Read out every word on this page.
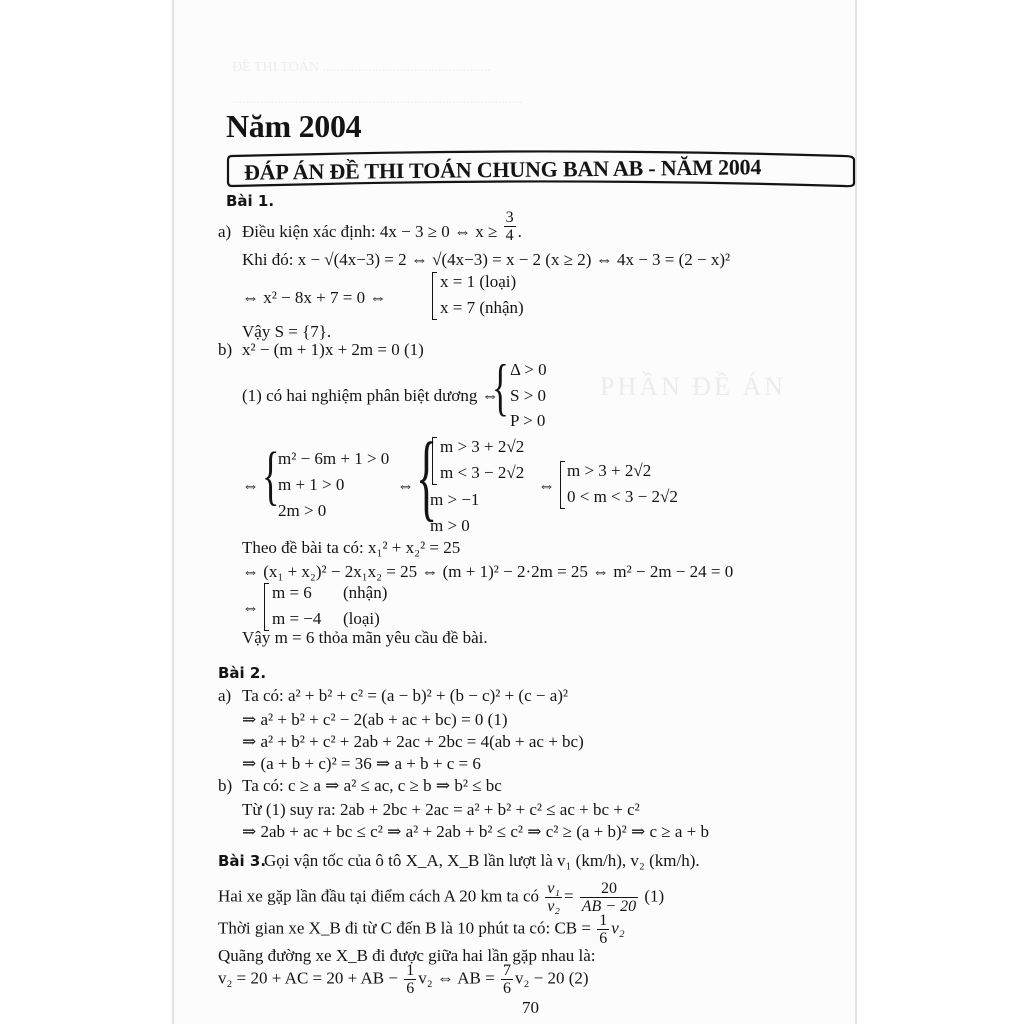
ĐỀ THI TOÁN ................................................
...................................................................................
PHẦN ĐỀ ÁN
Năm 2004
ĐÁP ÁN ĐỀ THI TOÁN CHUNG BAN AB - NĂM 2004
Bài 1.
a) Điều kiện xác định: 4x − 3 ≥ 0 ⇔ $x \ge \frac{3}{4}$ .
Khi đó: x − √(4x−3) = 2 ⇔ √(4x−3) = x − 2 (x ≥ 2) ⇔ 4x − 3 = (2 − x)²
⇔ x² − 8x + 7 = 0 ⇔
x = 1 (loại)
x = 7 (nhận)
Vậy S = {7}.
b) x² − (m + 1)x + 2m = 0 (1)
(1) có hai nghiệm phân biệt dương ⇔
{ Δ > 0
S > 0
P > 0
⇔ {
m² − 6m + 1 > 0
m + 1 > 0
2m > 0
⇔ { m > 3 + 2√2
m < 3 − 2√2
m > −1
m > 0
⇔
m > 3 + 2√2
0 < m < 3 − 2√2
Theo đề bài ta có: x₁² + x₂² = 25
⇔ (x₁ + x₂)² − 2x₁x₂ = 25 ⇔ (m + 1)² − 2·2m = 25 ⇔ m² − 2m − 24 = 0
⇔
m = 6 (nhận)
m = −4 (loại)
Vậy m = 6 thỏa mãn yêu cầu đề bài.
Bài 2.
a) Ta có: a² + b² + c² = (a − b)² + (b − c)² + (c − a)²
⇒ a² + b² + c² − 2(ab + ac + bc) = 0 (1)
⇒ a² + b² + c² + 2ab + 2ac + 2bc = 4(ab + ac + bc)
⇒ (a + b + c)² = 36 ⇒ a + b + c = 6
b) Ta có: c ≥ a ⇒ a² ≤ ac, c ≥ b ⇒ b² ≤ bc
Từ (1) suy ra: 2ab + 2bc + 2ac = a² + b² + c² ≤ ac + bc + c²
⇒ 2ab + ac + bc ≤ c² ⇒ a² + 2ab + b² ≤ c² ⇒ c² ≥ (a + b)² ⇒ c ≥ a + b
Bài 3.
Gọi vận tốc của ô tô X_A, X_B lần lượt là v₁ (km/h), v₂ (km/h).
Hai xe gặp lần đầu tại điểm cách A 20 km ta có $\frac{\text{v₁}}{\text{v₂}} = \frac{20}{AB - 20} (1)$
Thời gian xe X_B đi từ C đến B là 10 phút ta có: CB = $\frac{1}{6} v_2$
Quãng đường xe X_B đi được giữa hai lần gặp nhau là:
v₂ = 20 + AC = 20 + AB − $\frac{1}{6} v_2$ ⇔ AB = $\frac{7}{6} v_2 - 20$ (2)
70
